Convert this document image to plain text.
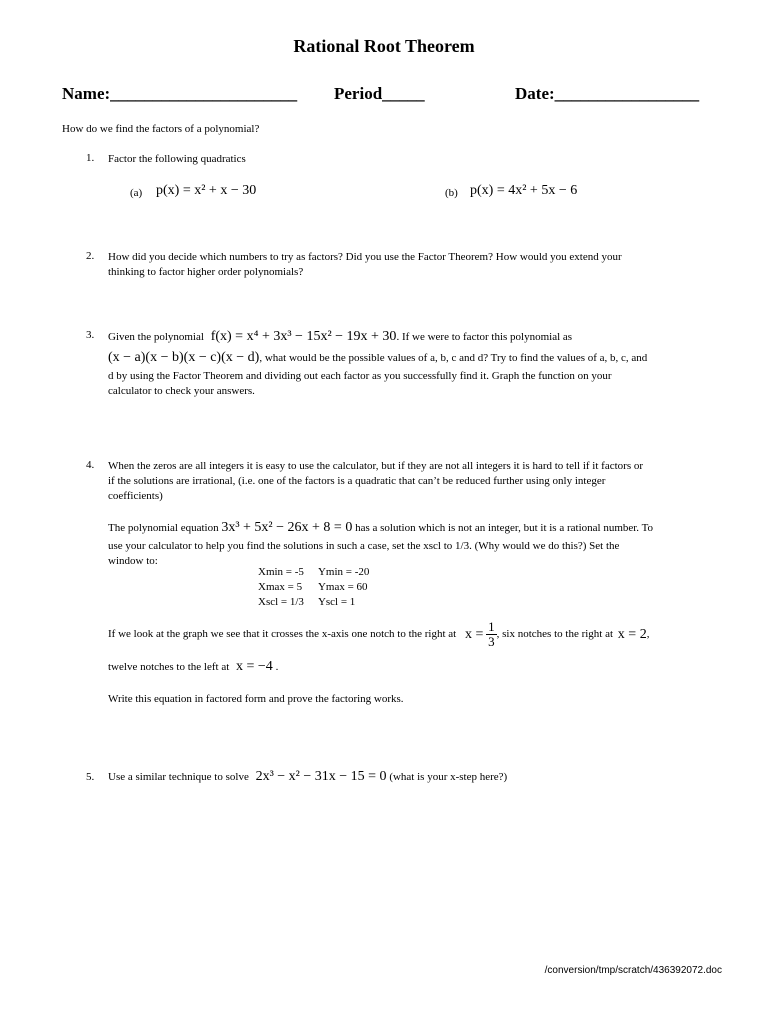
Rational Root Theorem
Name:______________________ Period_____	Date:_________________
How do we find the factors of a polynomial?
1. Factor the following quadratics
(a) p(x) = x² + x − 30	(b) p(x) = 4x² + 5x − 6
2. How did you decide which numbers to try as factors? Did you use the Factor Theorem? How would you extend your
thinking to factor higher order polynomials?
3. Given the polynomial f(x) = x⁴ + 3x³ − 15x² − 19x + 30. If we were to factor this polynomial as
(x − a)(x − b)(x − c)(x − d), what would be the possible values of a, b, c and d? Try to find the values of a, b, c, and
d by using the Factor Theorem and dividing out each factor as you successfully find it. Graph the function on your
calculator to check your answers.
4. When the zeros are all integers it is easy to use the calculator, but if they are not all integers it is hard to tell if it factors or
if the solutions are irrational, (i.e. one of the factors is a quadratic that can’t be reduced further using only integer
coefficients)
The polynomial equation 3x³ + 5x² − 26x + 8 = 0 has a solution which is not an integer, but it is a rational number. To
use your calculator to help you find the solutions in such a case, set the xscl to 1/3. (Why would we do this?) Set the
window to:
Xmin = -5	Ymin = -20
Xmax = 5	Ymax = 60
Xscl = 1/3	Yscl = 1
If we look at the graph we see that it crosses the x-axis one notch to the right at $x = \frac{1}{3}$ , six notches to the right at x = 2,
twelve notches to the left at x = −4 .
Write this equation in factored form and prove the factoring works.
5. Use a similar technique to solve 2x³ − x² − 31x − 15 = 0 (what is your x-step here?)
/conversion/tmp/scratch/436392072.doc
